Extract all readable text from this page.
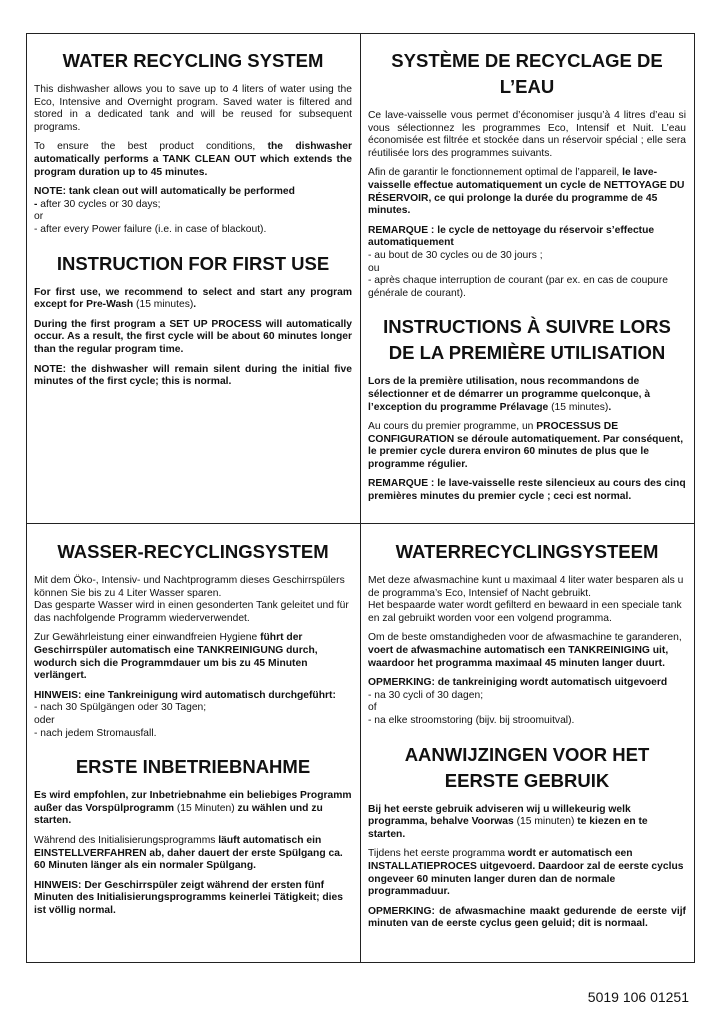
WATER RECYCLING SYSTEM

This dishwasher allows you to save up to 4 liters of water using the Eco, Intensive and Overnight program. Saved water is filtered and stored in a dedicated tank and will be reused for subsequent programs.

To ensure the best product conditions, the dishwasher automatically performs a TANK CLEAN OUT which extends the program duration up to 45 minutes.

NOTE: tank clean out will automatically be performed
- after 30 cycles or 30 days;
or
- after every Power failure (i.e. in case of blackout).

INSTRUCTION FOR FIRST USE

For first use, we recommend to select and start any program except for Pre-Wash (15 minutes).

During the first program a SET UP PROCESS will automatically occur. As a result, the first cycle will be about 60 minutes longer than the regular program time.

NOTE: the dishwasher will remain silent during the initial five minutes of the first cycle; this is normal.

SYSTÈME DE RECYCLAGE DE L’EAU

Ce lave-vaisselle vous permet d’économiser jusqu’à 4 litres d’eau si vous sélectionnez les programmes Eco, Intensif et Nuit. L’eau économisée est filtrée et stockée dans un réservoir spécial ; elle sera réutilisée lors des programmes suivants.

Afin de garantir le fonctionnement optimal de l’appareil, le lave-vaisselle effectue automatiquement un cycle de NETTOYAGE DU RÉSERVOIR, ce qui prolonge la durée du programme de 45 minutes.

REMARQUE : le cycle de nettoyage du réservoir s’effectue automatiquement
- au bout de 30 cycles ou de 30 jours ;
ou
- après chaque interruption de courant (par ex. en cas de coupure générale de courant).

INSTRUCTIONS À SUIVRE LORS DE LA PREMIÈRE UTILISATION

Lors de la première utilisation, nous recommandons de sélectionner et de démarrer un programme quelconque, à l’exception du programme Prélavage (15 minutes).

Au cours du premier programme, un PROCESSUS DE CONFIGURATION se déroule automatiquement. Par conséquent, le premier cycle durera environ 60 minutes de plus que le programme régulier.

REMARQUE : le lave-vaisselle reste silencieux au cours des cinq premières minutes du premier cycle ; ceci est normal.

WASSER-RECYCLINGSYSTEM

Mit dem Öko-, Intensiv- und Nachtprogramm dieses Geschirrspülers können Sie bis zu 4 Liter Wasser sparen.
Das gesparte Wasser wird in einen gesonderten Tank geleitet und für das nachfolgende Programm wiederverwendet.

Zur Gewährleistung einer einwandfreien Hygiene führt der Geschirrspüler automatisch eine TANKREINIGUNG durch, wodurch sich die Programmdauer um bis zu 45 Minuten verlängert.

HINWEIS: eine Tankreinigung wird automatisch durchgeführt:
- nach 30 Spülgängen oder 30 Tagen;
oder
- nach jedem Stromausfall.

ERSTE INBETRIEBNAHME

Es wird empfohlen, zur Inbetriebnahme ein beliebiges Programm außer das Vorspülprogramm (15 Minuten) zu wählen und zu starten.

Während des Initialisierungsprogramms läuft automatisch ein EINSTELLVERFAHREN ab, daher dauert der erste Spülgang ca. 60 Minuten länger als ein normaler Spülgang.

HINWEIS: Der Geschirrspüler zeigt während der ersten fünf Minuten des Initialisierungsprogramms keinerlei Tätigkeit; dies ist völlig normal.

WATERRECYCLINGSYSTEEM

Met deze afwasmachine kunt u maximaal 4 liter water besparen als u de programma’s Eco, Intensief of Nacht gebruikt.
Het bespaarde water wordt gefilterd en bewaard in een speciale tank en zal gebruikt worden voor een volgend programma.

Om de beste omstandigheden voor de afwasmachine te garanderen, voert de afwasmachine automatisch een TANKREINIGING uit, waardoor het programma maximaal 45 minuten langer duurt.

OPMERKING: de tankreiniging wordt automatisch uitgevoerd
- na 30 cycli of 30 dagen;
of
- na elke stroomstoring (bijv. bij stroomuitval).

AANWIJZINGEN VOOR HET EERSTE GEBRUIK

Bij het eerste gebruik adviseren wij u willekeurig welk programma, behalve Voorwas (15 minuten) te kiezen en te starten.

Tijdens het eerste programma wordt er automatisch een INSTALLATIEPROCES uitgevoerd. Daardoor zal de eerste cyclus ongeveer 60 minuten langer duren dan de normale programmaduur.

OPMERKING: de afwasmachine maakt gedurende de eerste vijf minuten van de eerste cyclus geen geluid; dit is normaal.

5019 106 01251
